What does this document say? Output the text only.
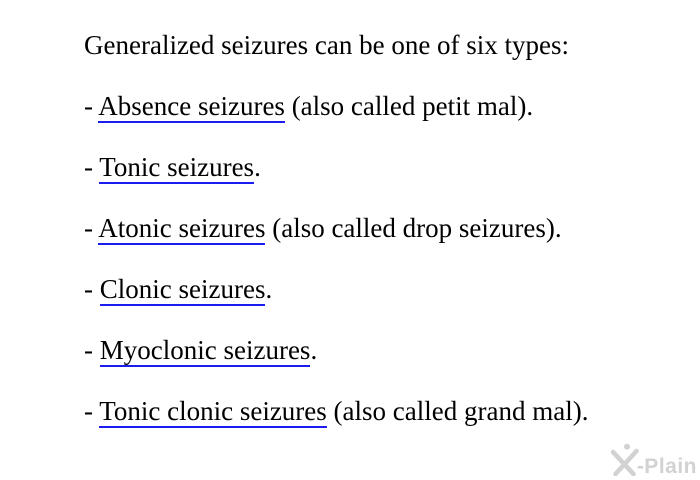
Generalized seizures can be one of six types:
- Absence seizures (also called petit mal).
- Tonic seizures.
- Atonic seizures (also called drop seizures).
- Clonic seizures.
- Myoclonic seizures.
- Tonic clonic seizures (also called grand mal).
-Plain
